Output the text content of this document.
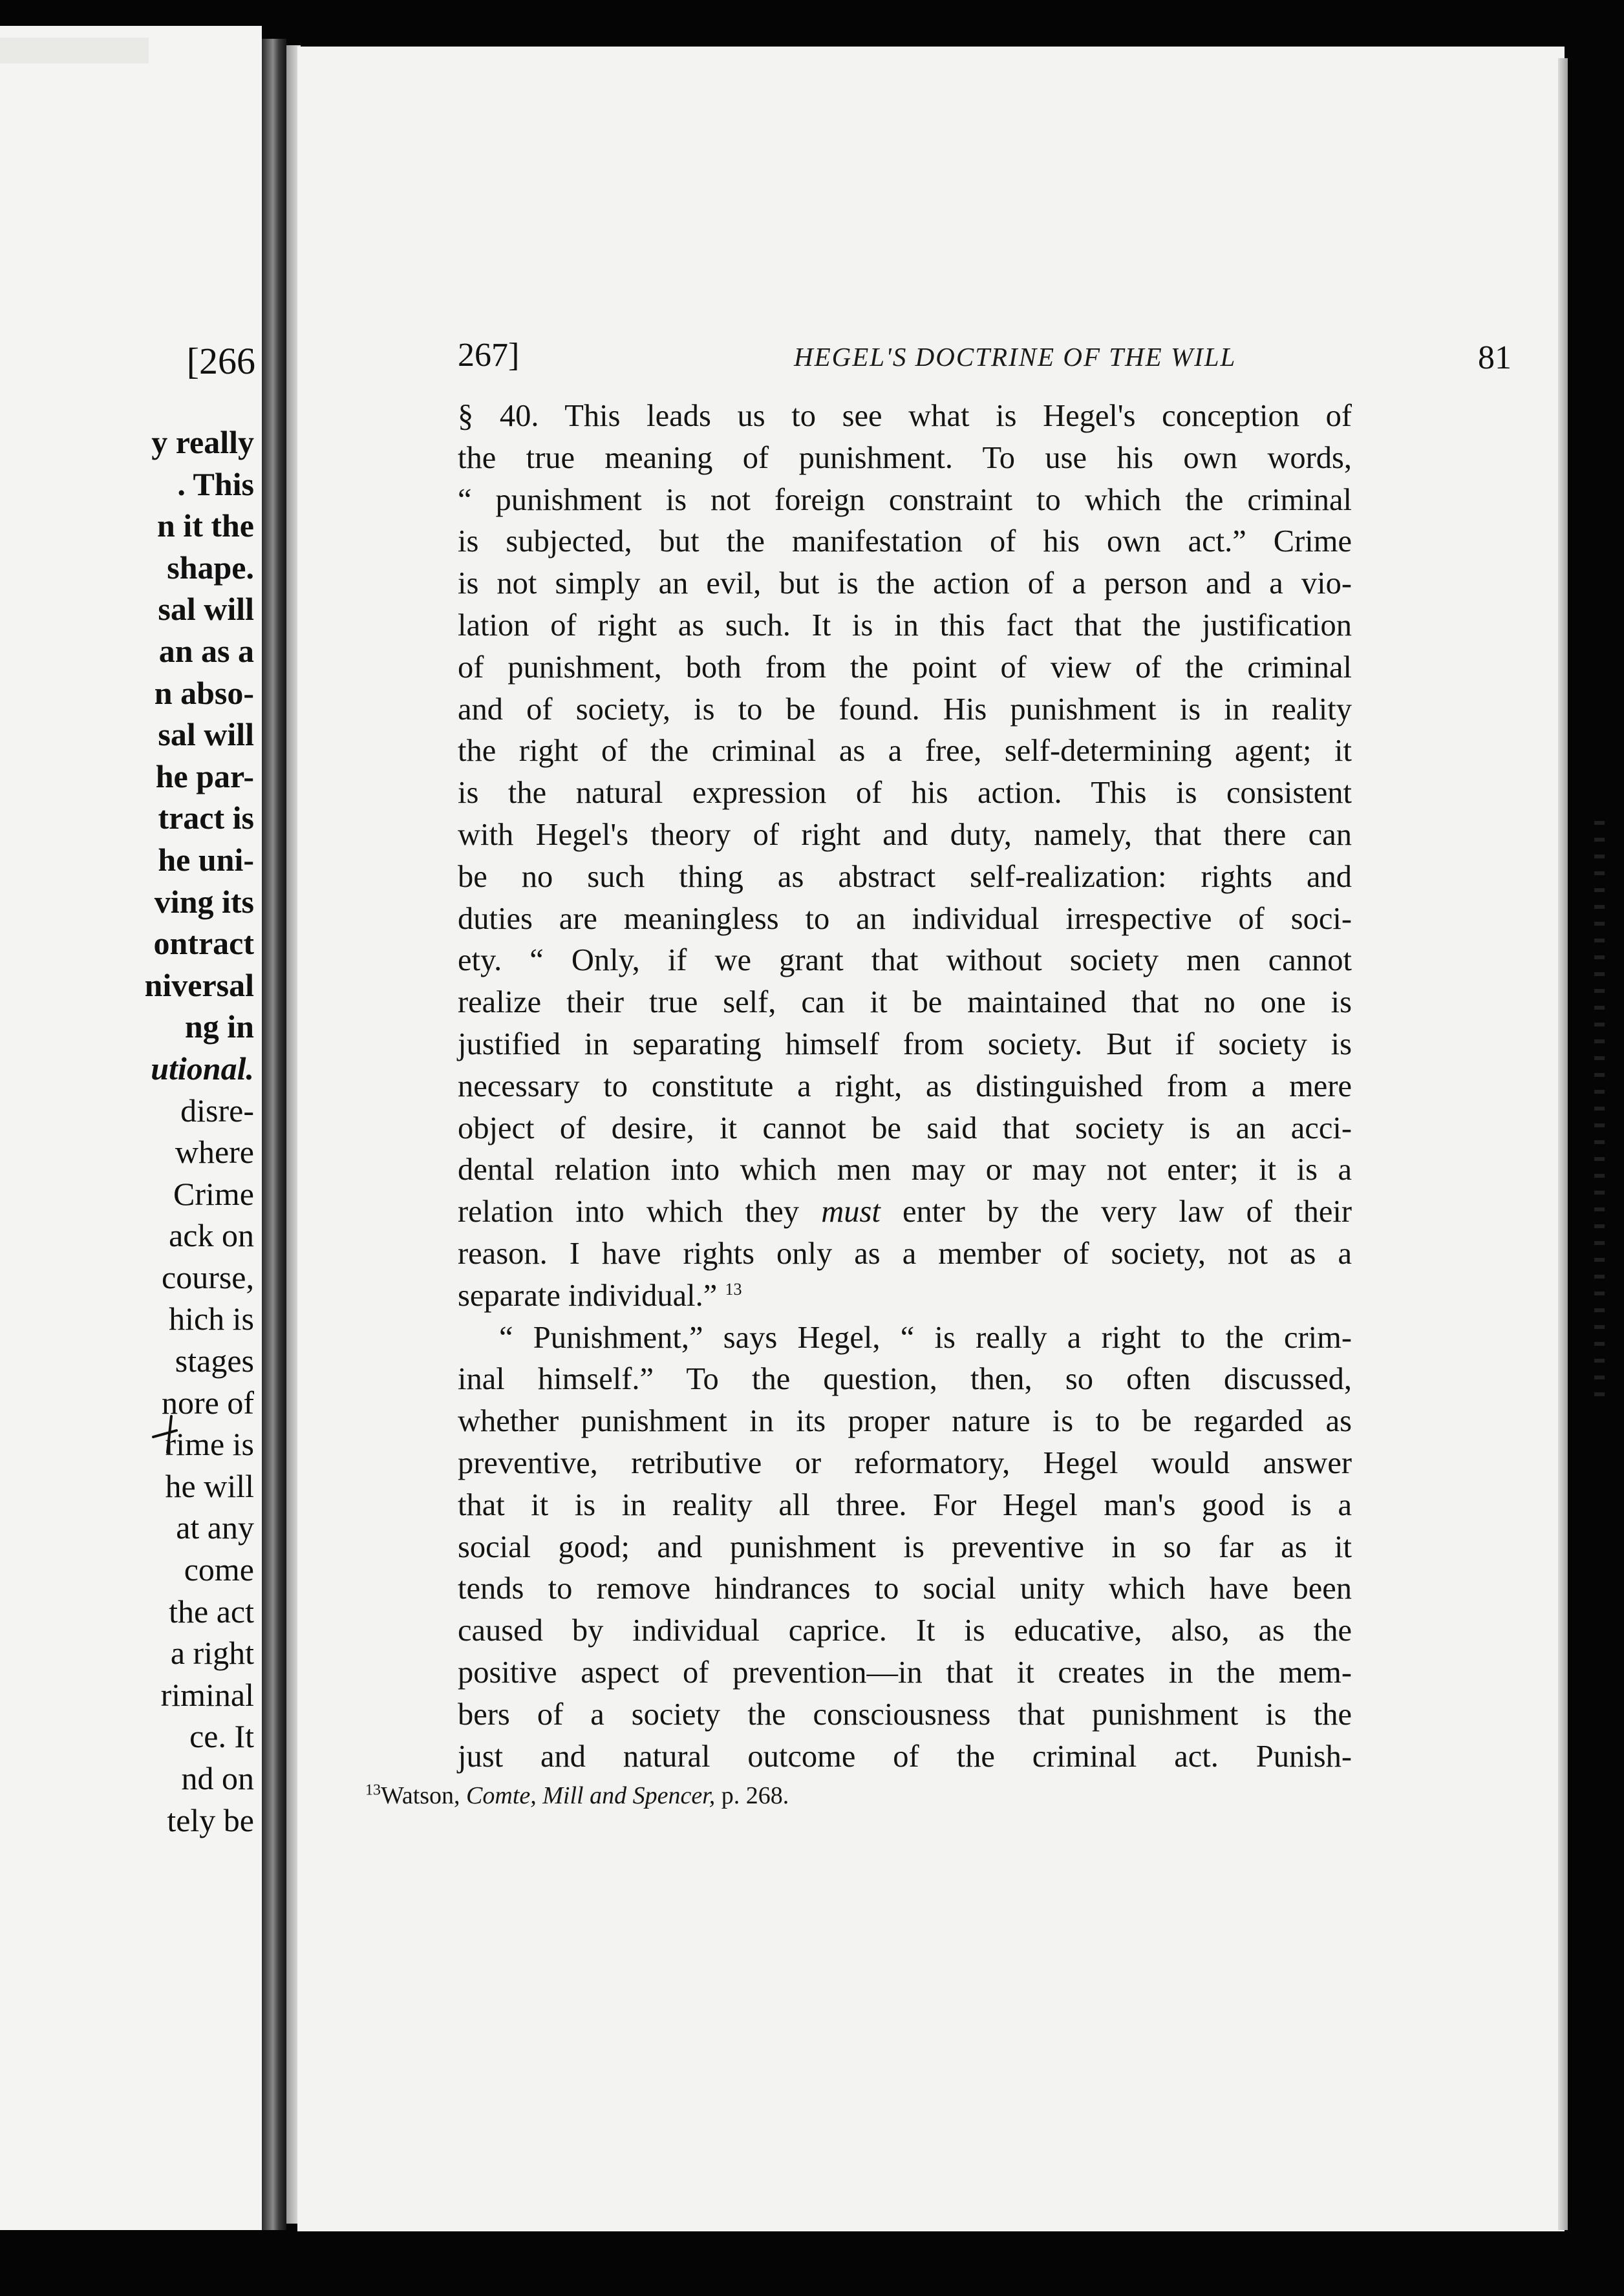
[266
y really
. This
n it the
shape.
sal will
an as a
n abso-
sal will
he par-
tract is
he uni-
ving its
ontract
niversal
ng in
utional.
disre-
where
Crime
ack on
course,
hich is
stages
nore of
rime is
he will
at any
come
the act
a right
riminal
ce. It
nd on
tely be
267]	HEGEL'S DOCTRINE OF THE WILL	81
§ 40. This leads us to see what is Hegel's conception of
the true meaning of punishment. To use his own words,
“ punishment is not foreign constraint to which the criminal
is subjected, but the manifestation of his own act.” Crime
is not simply an evil, but is the action of a person and a vio-
lation of right as such. It is in this fact that the justification
of punishment, both from the point of view of the criminal
and of society, is to be found. His punishment is in reality
the right of the criminal as a free, self-determining agent; it
is the natural expression of his action. This is consistent
with Hegel's theory of right and duty, namely, that there can
be no such thing as abstract self-realization: rights and
duties are meaningless to an individual irrespective of soci-
ety. “ Only, if we grant that without society men cannot
realize their true self, can it be maintained that no one is
justified in separating himself from society. But if society is
necessary to constitute a right, as distinguished from a mere
object of desire, it cannot be said that society is an acci-
dental relation into which men may or may not enter; it is a
relation into which they must enter by the very law of their
reason. I have rights only as a member of society, not as a
separate individual.” $^{13}$
“ Punishment,” says Hegel, “ is really a right to the crim-
inal himself.” To the question, then, so often discussed,
whether punishment in its proper nature is to be regarded as
preventive, retributive or reformatory, Hegel would answer
that it is in reality all three. For Hegel man's good is a
social good; and punishment is preventive in so far as it
tends to remove hindrances to social unity which have been
caused by individual caprice. It is educative, also, as the
positive aspect of prevention—in that it creates in the mem-
bers of a society the consciousness that punishment is the
just and natural outcome of the criminal act. Punish-
$^{13}$Watson, Comte, Mill and Spencer, p. 268.
